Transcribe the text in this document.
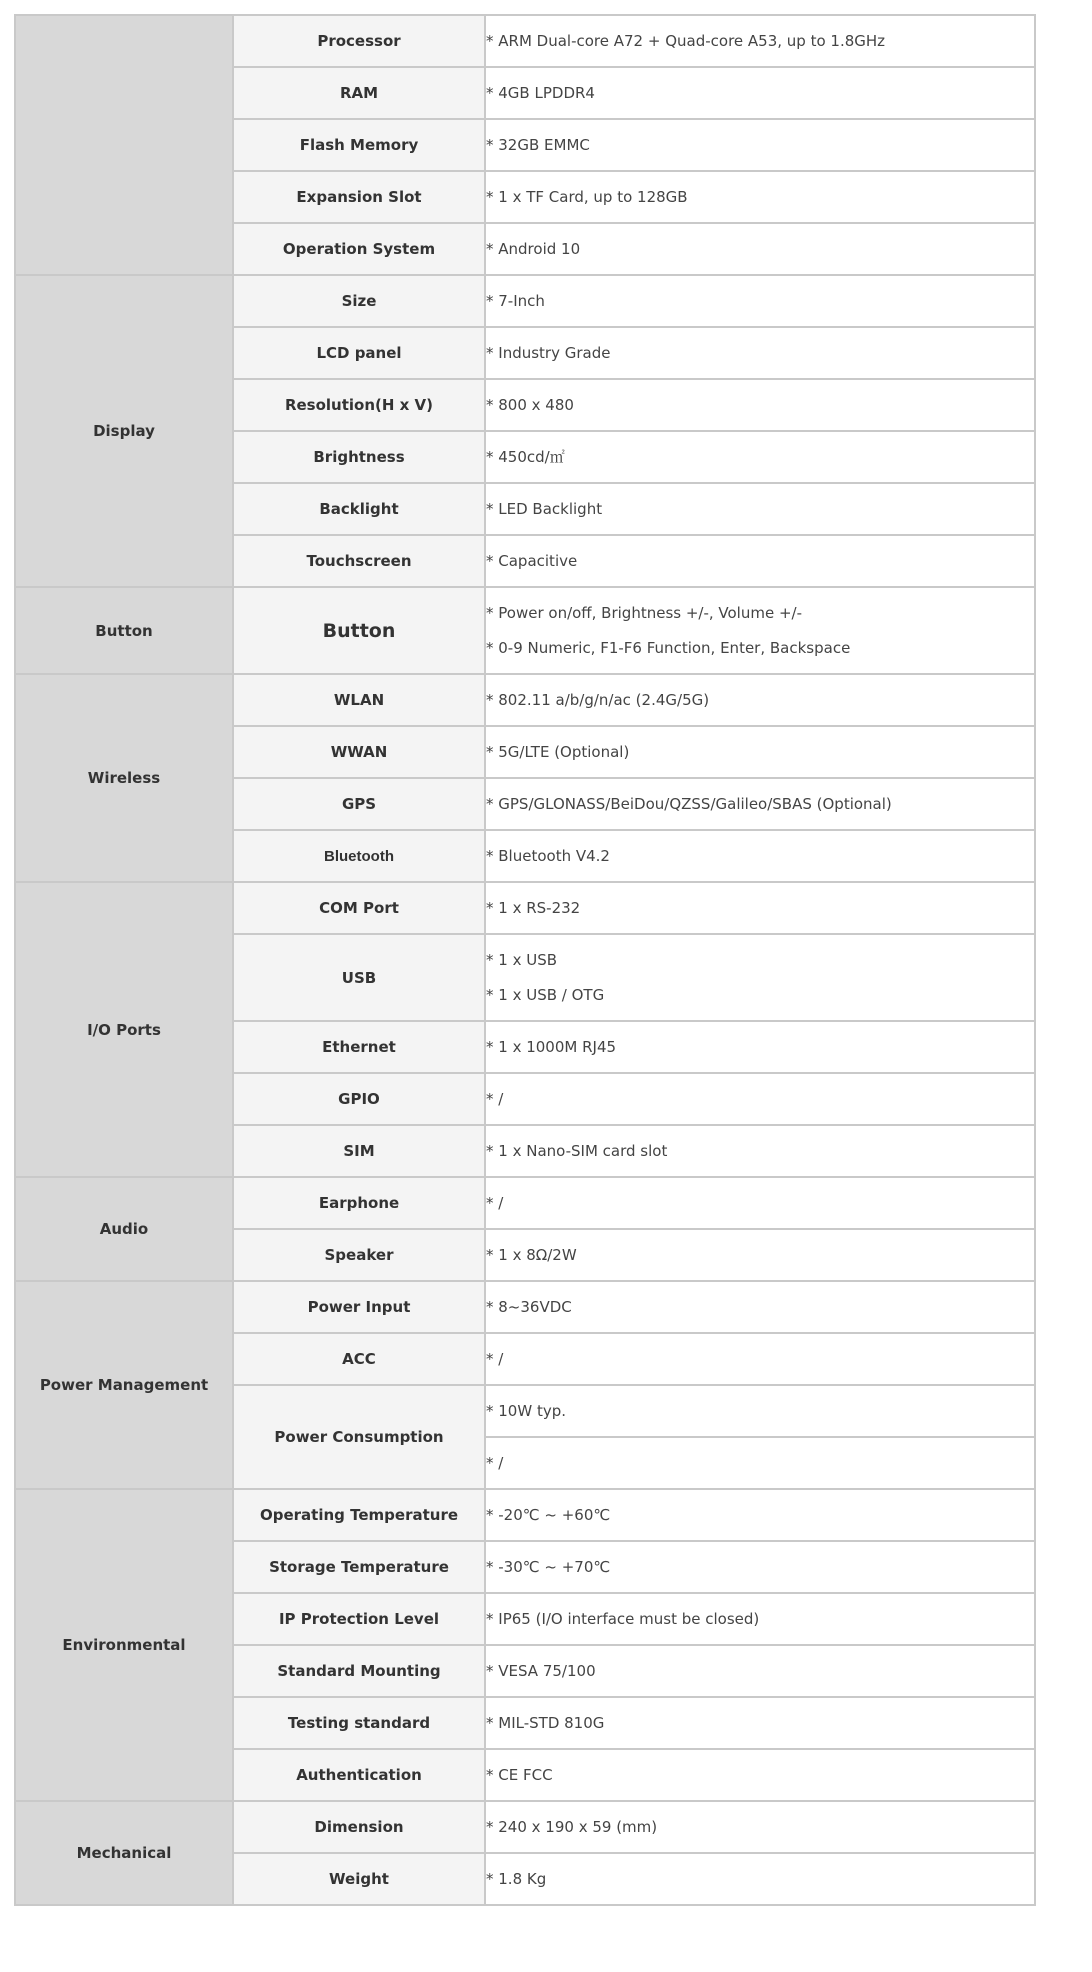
	Processor	* ARM Dual-core A72 + Quad-core A53, up to 1.8GHz

	RAM	* 4GB LPDDR4

	Flash Memory	* 32GB EMMC

	Expansion Slot	* 1 x TF Card, up to 128GB

	Operation System	* Android 10

Display	Size	* 7-Inch

	LCD panel	* Industry Grade

	Resolution(H x V)	* 800 x 480

	Brightness	* 450cd/㎡

	Backlight	* LED Backlight

	Touchscreen	* Capacitive

Button	Button	* Power on/off, Brightness +/-, Volume +/-
* 0-9 Numeric, F1-F6 Function, Enter, Backspace

Wireless	WLAN	* 802.11 a/b/g/n/ac (2.4G/5G)

	WWAN	* 5G/LTE (Optional)

	GPS	* GPS/GLONASS/BeiDou/QZSS/Galileo/SBAS (Optional)

	Bluetooth	* Bluetooth V4.2

I/O Ports	COM Port	* 1 x RS-232

	USB	* 1 x USB
* 1 x USB / OTG

	Ethernet	* 1 x 1000M RJ45

	GPIO	* /

	SIM	* 1 x Nano-SIM card slot

Audio	Earphone	* /

	Speaker	* 1 x 8Ω/2W

Power Management	Power Input	* 8~36VDC

	ACC	* /

	Power Consumption	* 10W typ.

		* /

Environmental	Operating Temperature	* -20℃ ~ +60℃

	Storage Temperature	* -30℃ ~ +70℃

	IP Protection Level	* IP65 (I/O interface must be closed)

	Standard Mounting	* VESA 75/100

	Testing standard	* MIL-STD 810G

	Authentication	* CE FCC

Mechanical	Dimension	* 240 x 190 x 59 (mm)

	Weight	* 1.8 Kg
